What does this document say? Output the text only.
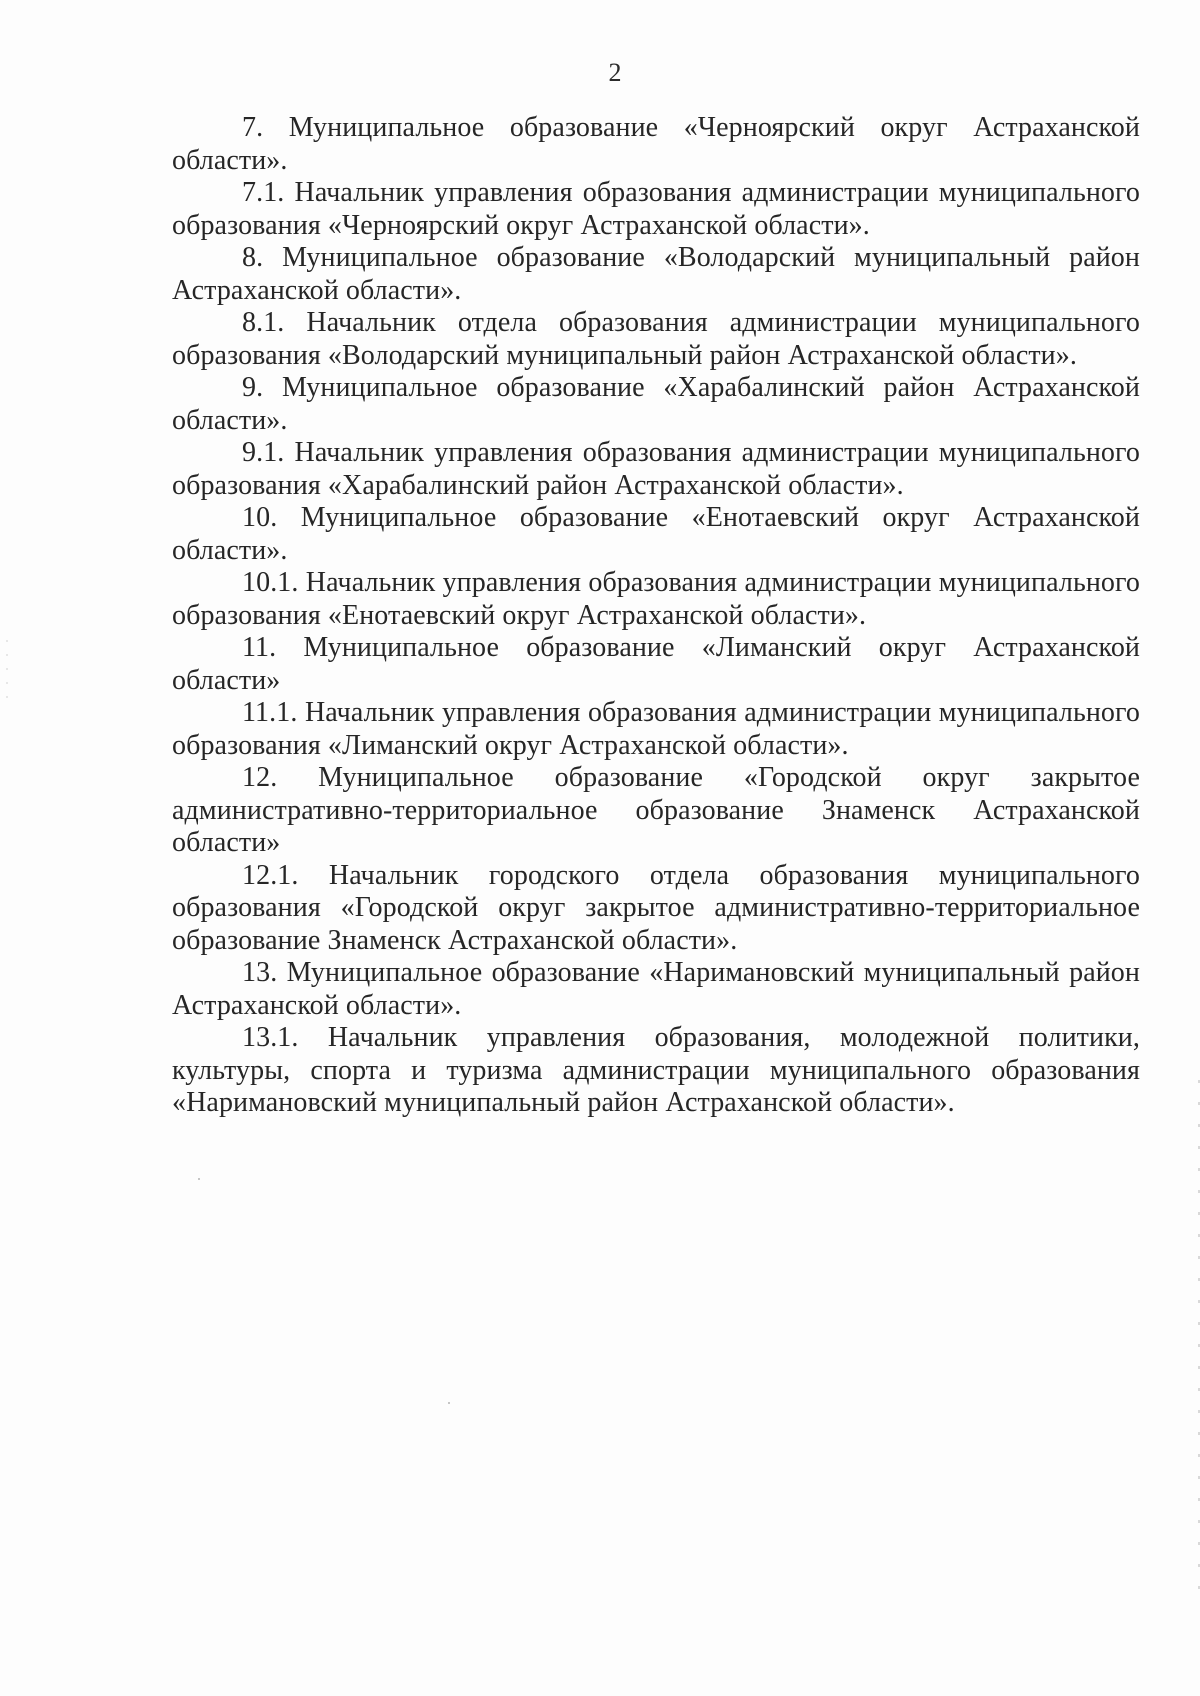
2

7. Муниципальное образование «Черноярский округ Астраханской области».

7.1. Начальник управления образования администрации муниципального образования «Черноярский округ Астраханской области».

8. Муниципальное образование «Володарский муниципальный район Астраханской области».

8.1. Начальник отдела образования администрации муниципального образования «Володарский муниципальный район Астраханской области».

9. Муниципальное образование «Харабалинский район Астраханской области».

9.1. Начальник управления образования администрации муниципального образования «Харабалинский район Астраханской области».

10. Муниципальное образование «Енотаевский округ Астраханской области».

10.1. Начальник управления образования администрации муниципального образования «Енотаевский округ Астраханской области».

11. Муниципальное образование «Лиманский округ Астраханской области»

11.1. Начальник управления образования администрации муниципального образования «Лиманский округ Астраханской области».

12. Муниципальное образование «Городской округ закрытое административно-территориальное образование Знаменск Астраханской области»

12.1. Начальник городского отдела образования муниципального образования «Городской округ закрытое административно-территориальное образование Знаменск Астраханской области».

13. Муниципальное образование «Наримановский муниципальный район Астраханской области».

13.1. Начальник управления образования, молодежной политики, культуры, спорта и туризма администрации муниципального образования «Наримановский муниципальный район Астраханской области».
